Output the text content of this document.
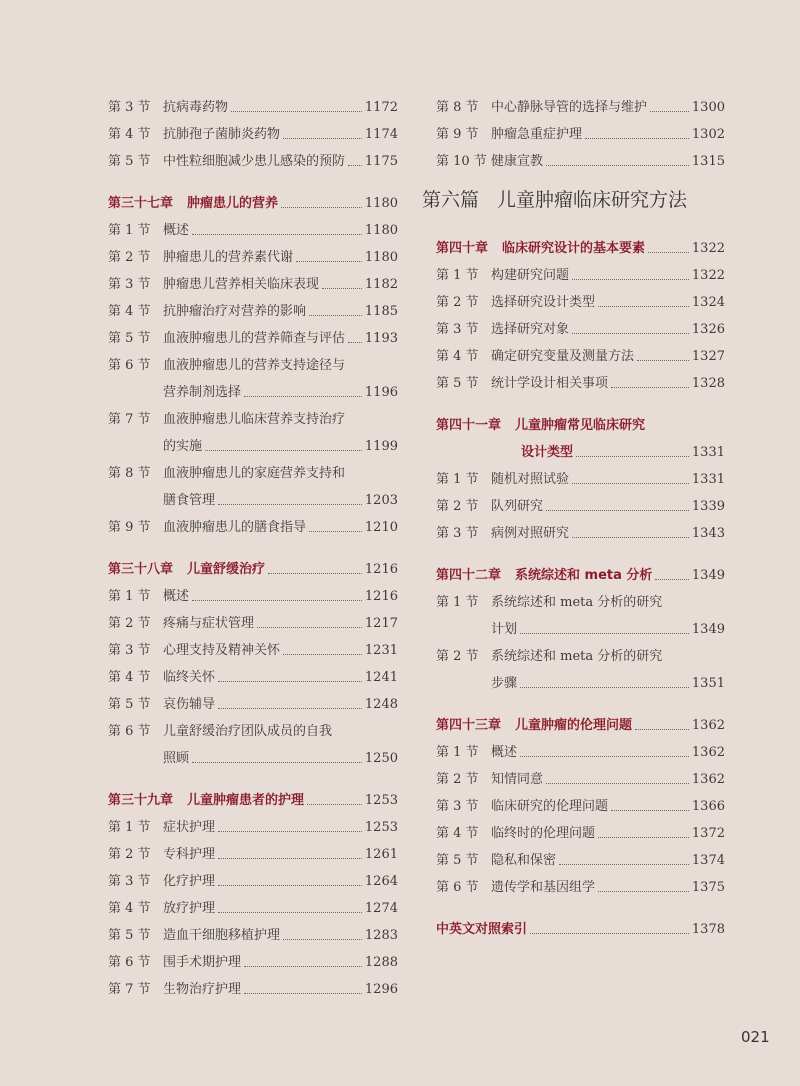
第 3 节 抗病毒药物	1172
第 4 节 抗肺孢子菌肺炎药物	1174
第 5 节 中性粒细胞减少患儿感染的预防 1175
第三十七章 肿瘤患儿的营养	1180
第 1 节 概述	1180
第 2 节 肿瘤患儿的营养素代谢	1180
第 3 节 肿瘤患儿营养相关临床表现	1182
第 4 节 抗肿瘤治疗对营养的影响	1185
第 5 节 血液肿瘤患儿的营养筛查与评估 1193
第 6 节 血液肿瘤患儿的营养支持途径与
营养制剂选择	1196
第 7 节 血液肿瘤患儿临床营养支持治疗
的实施	1199
第 8 节 血液肿瘤患儿的家庭营养支持和
膳食管理	1203
第 9 节 血液肿瘤患儿的膳食指导	1210
第三十八章 儿童舒缓治疗	1216
第 1 节 概述	1216
第 2 节 疼痛与症状管理	1217
第 3 节 心理支持及精神关怀	1231
第 4 节 临终关怀	1241
第 5 节 哀伤辅导	1248
第 6 节 儿童舒缓治疗团队成员的自我
照顾	1250
第三十九章 儿童肿瘤患者的护理	1253
第 1 节 症状护理	1253
第 2 节 专科护理	1261
第 3 节 化疗护理	1264
第 4 节 放疗护理	1274
第 5 节 造血干细胞移植护理	1283
第 6 节 围手术期护理	1288
第 7 节 生物治疗护理	1296
第 8 节 中心静脉导管的选择与维护	1300
第 9 节 肿瘤急重症护理	1302
第 10 节 健康宣教	1315
第六篇 儿童肿瘤临床研究方法
第四十章 临床研究设计的基本要素	1322
第 1 节 构建研究问题	1322
第 2 节 选择研究设计类型	1324
第 3 节 选择研究对象	1326
第 4 节 确定研究变量及测量方法	1327
第 5 节 统计学设计相关事项	1328
第四十一章 儿童肿瘤常见临床研究
设计类型	1331
第 1 节 随机对照试验	1331
第 2 节 队列研究	1339
第 3 节 病例对照研究	1343
第四十二章 系统综述和 meta 分析	1349
第 1 节 系统综述和 meta 分析的研究
计划	1349
第 2 节 系统综述和 meta 分析的研究
步骤	1351
第四十三章 儿童肿瘤的伦理问题	1362
第 1 节 概述	1362
第 2 节 知情同意	1362
第 3 节 临床研究的伦理问题	1366
第 4 节 临终时的伦理问题	1372
第 5 节 隐私和保密	1374
第 6 节 遗传学和基因组学	1375
中英文对照索引	1378
021
